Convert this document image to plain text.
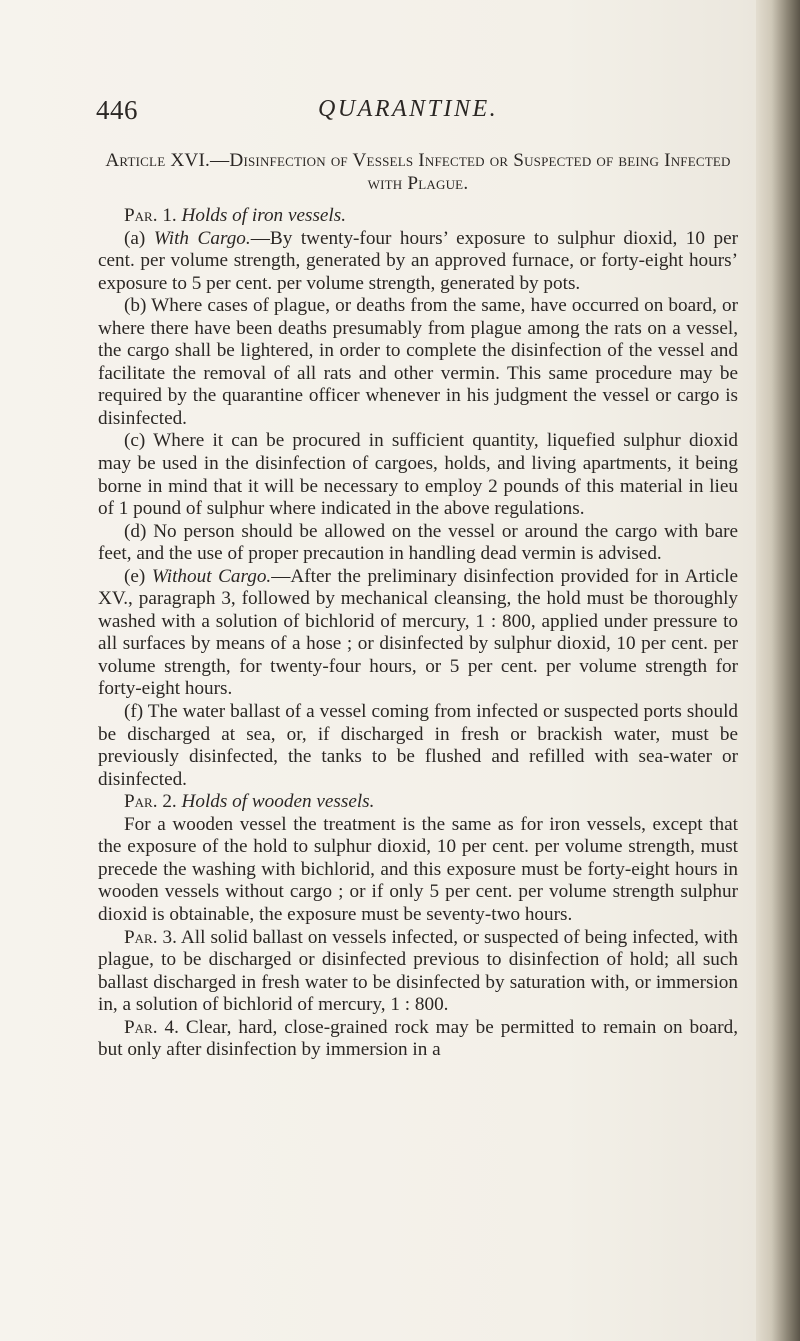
446	QUARANTINE.
Article XVI.—Disinfection of Vessels Infected or Suspected of being Infected with Plague.

Par. 1. Holds of iron vessels.

(a) With Cargo.—By twenty-four hours’ exposure to sulphur dioxid, 10 per cent. per volume strength, generated by an approved furnace, or forty-eight hours’ exposure to 5 per cent. per volume strength, generated by pots.

(b) Where cases of plague, or deaths from the same, have occurred on board, or where there have been deaths presumably from plague among the rats on a vessel, the cargo shall be lightered, in order to complete the disinfection of the vessel and facilitate the removal of all rats and other vermin. This same procedure may be required by the quarantine officer whenever in his judgment the vessel or cargo is disinfected.

(c) Where it can be procured in sufficient quantity, liquefied sulphur dioxid may be used in the disinfection of cargoes, holds, and living apartments, it being borne in mind that it will be necessary to employ 2 pounds of this material in lieu of 1 pound of sulphur where indicated in the above regulations.

(d) No person should be allowed on the vessel or around the cargo with bare feet, and the use of proper precaution in handling dead vermin is advised.

(e) Without Cargo.—After the preliminary disinfection provided for in Article XV., paragraph 3, followed by mechanical cleansing, the hold must be thoroughly washed with a solution of bichlorid of mercury, 1 : 800, applied under pressure to all surfaces by means of a hose ; or disinfected by sulphur dioxid, 10 per cent. per volume strength, for twenty-four hours, or 5 per cent. per volume strength for forty-eight hours.

(f) The water ballast of a vessel coming from infected or suspected ports should be discharged at sea, or, if discharged in fresh or brackish water, must be previously disinfected, the tanks to be flushed and refilled with sea-water or disinfected.

Par. 2. Holds of wooden vessels.

For a wooden vessel the treatment is the same as for iron vessels, except that the exposure of the hold to sulphur dioxid, 10 per cent. per volume strength, must precede the washing with bichlorid, and this exposure must be forty-eight hours in wooden vessels without cargo ; or if only 5 per cent. per volume strength sulphur dioxid is obtainable, the exposure must be seventy-two hours.

Par. 3. All solid ballast on vessels infected, or suspected of being infected, with plague, to be discharged or disinfected previous to disinfection of hold; all such ballast discharged in fresh water to be disinfected by saturation with, or immersion in, a solution of bichlorid of mercury, 1 : 800.

Par. 4. Clear, hard, close-grained rock may be permitted to remain on board, but only after disinfection by immersion in a
